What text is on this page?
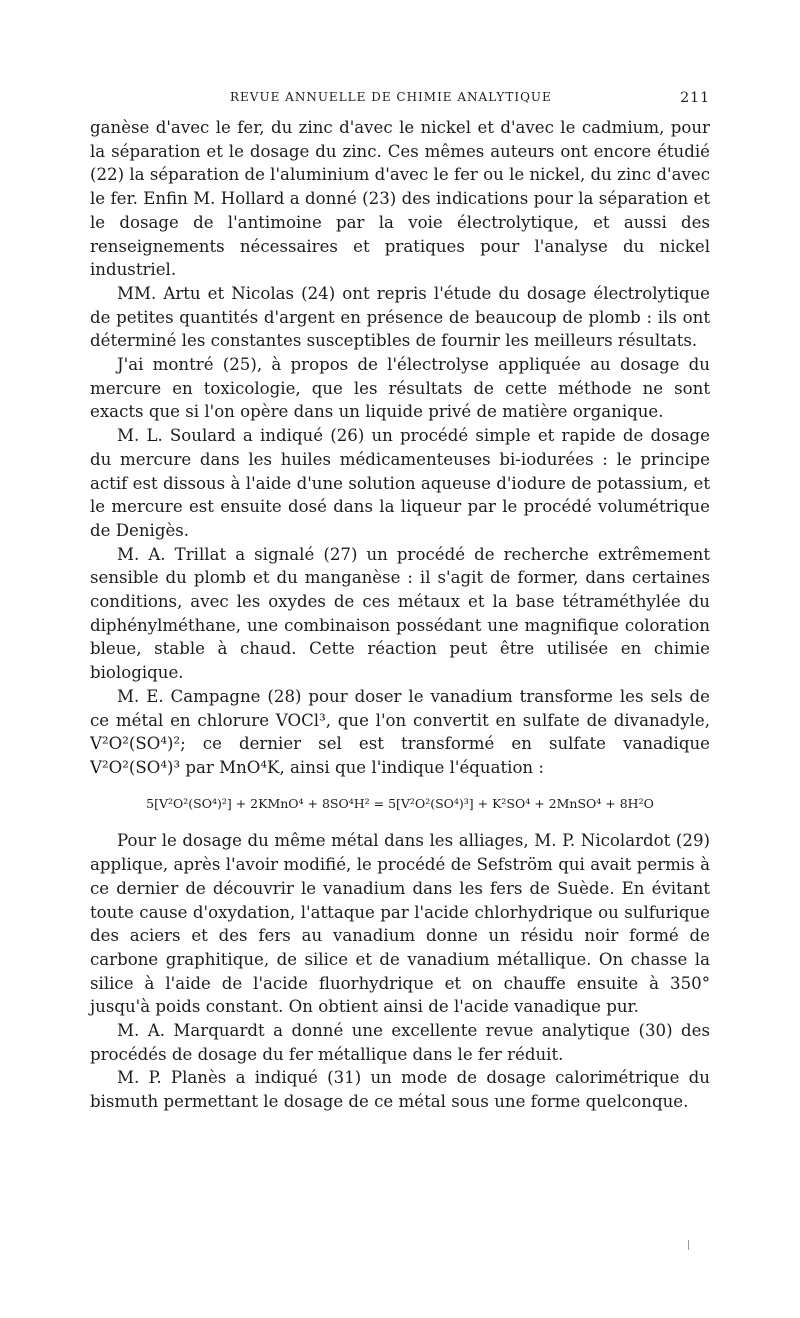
REVUE ANNUELLE DE CHIMIE ANALYTIQUE	211

ganèse d'avec le fer, du zinc d'avec le nickel et d'avec le cadmium, pour la séparation et le dosage du zinc. Ces mêmes auteurs ont encore étudié (22) la séparation de l'aluminium d'avec le fer ou le nickel, du zinc d'avec le fer. Enfin M. Hollard a donné (23) des indications pour la séparation et le dosage de l'antimoine par la voie électrolytique, et aussi des renseignements nécessaires et pratiques pour l'analyse du nickel industriel.

MM. Artu et Nicolas (24) ont repris l'étude du dosage électrolytique de petites quantités d'argent en présence de beaucoup de plomb : ils ont déterminé les constantes susceptibles de fournir les meilleurs résultats.

J'ai montré (25), à propos de l'électrolyse appliquée au dosage du mercure en toxicologie, que les résultats de cette méthode ne sont exacts que si l'on opère dans un liquide privé de matière organique.

M. L. Soulard a indiqué (26) un procédé simple et rapide de dosage du mercure dans les huiles médicamenteuses bi-iodurées : le principe actif est dissous à l'aide d'une solution aqueuse d'iodure de potassium, et le mercure est ensuite dosé dans la liqueur par le procédé volumétrique de Denigès.

M. A. Trillat a signalé (27) un procédé de recherche extrêmement sensible du plomb et du manganèse : il s'agit de former, dans certaines conditions, avec les oxydes de ces métaux et la base tétraméthylée du diphénylméthane, une combinaison possédant une magnifique coloration bleue, stable à chaud. Cette réaction peut être utilisée en chimie biologique.

M. E. Campagne (28) pour doser le vanadium transforme les sels de ce métal en chlorure VOCl³, que l'on convertit en sulfate de divanadyle, V²O²(SO⁴)²; ce dernier sel est transformé en sulfate vanadique V²O²(SO⁴)³ par MnO⁴K, ainsi que l'indique l'équation :

5[V²O²(SO⁴)²] + 2KMnO⁴ + 8SO⁴H² = 5[V²O²(SO⁴)³] + K²SO⁴ + 2MnSO⁴ + 8H²O

Pour le dosage du même métal dans les alliages, M. P. Nicolardot (29) applique, après l'avoir modifié, le procédé de Sefström qui avait permis à ce dernier de découvrir le vanadium dans les fers de Suède. En évitant toute cause d'oxydation, l'attaque par l'acide chlorhydrique ou sulfurique des aciers et des fers au vanadium donne un résidu noir formé de carbone graphitique, de silice et de vanadium métallique. On chasse la silice à l'aide de l'acide fluorhydrique et on chauffe ensuite à 350° jusqu'à poids constant. On obtient ainsi de l'acide vanadique pur.

M. A. Marquardt a donné une excellente revue analytique (30) des procédés de dosage du fer métallique dans le fer réduit.

M. P. Planès a indiqué (31) un mode de dosage calorimétrique du bismuth permettant le dosage de ce métal sous une forme quelconque.
